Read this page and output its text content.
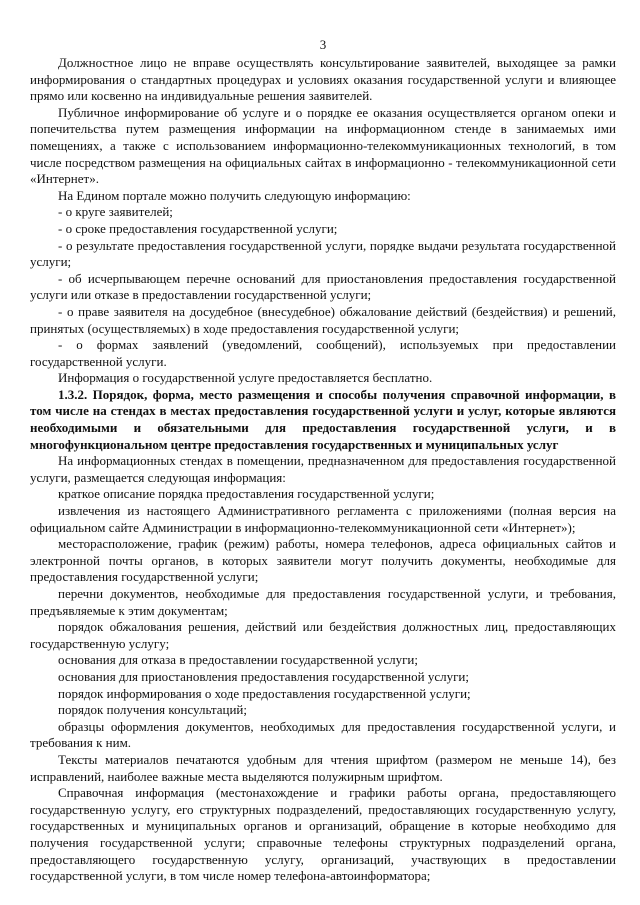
3

Должностное лицо не вправе осуществлять консультирование заявителей, выходящее за рамки информирования о стандартных процедурах и условиях оказания государственной услуги и влияющее прямо или косвенно на индивидуальные решения заявителей.

Публичное информирование об услуге и о порядке ее оказания осуществляется органом опеки и попечительства путем размещения информации на информационном стенде в занимаемых ими помещениях, а также с использованием информационно-телекоммуникационных технологий, в том числе посредством размещения на официальных сайтах в информационно - телекоммуникационной сети «Интернет».

На Едином портале можно получить следующую информацию:

- о круге заявителей;

- о сроке предоставления государственной услуги;

- о результате предоставления государственной услуги, порядке выдачи результата государственной услуги;

- об исчерпывающем перечне оснований для приостановления предоставления государственной услуги или отказе в предоставлении государственной услуги;

- о праве заявителя на досудебное (внесудебное) обжалование действий (бездействия) и решений, принятых (осуществляемых) в ходе предоставления государственной услуги;

- о формах заявлений (уведомлений, сообщений), используемых при предоставлении государственной услуги.

Информация о государственной услуге предоставляется бесплатно.

1.3.2. Порядок, форма, место размещения и способы получения справочной информации, в том числе на стендах в местах предоставления государственной услуги и услуг, которые являются необходимыми и обязательными для предоставления государственной услуги, и в многофункциональном центре предоставления государственных и муниципальных услуг

На информационных стендах в помещении, предназначенном для предоставления государственной услуги, размещается следующая информация:

краткое описание порядка предоставления государственной услуги;

извлечения из настоящего Административного регламента с приложениями (полная версия на официальном сайте Администрации в информационно-телекоммуникационной сети «Интернет»);

месторасположение, график (режим) работы, номера телефонов, адреса официальных сайтов и электронной почты органов, в которых заявители могут получить документы, необходимые для предоставления государственной услуги;

перечни документов, необходимые для предоставления государственной услуги, и требования, предъявляемые к этим документам;

порядок обжалования решения, действий или бездействия должностных лиц, предоставляющих государственную услугу;

основания для отказа в предоставлении государственной услуги;

основания для приостановления предоставления государственной услуги;

порядок информирования о ходе предоставления государственной услуги;

порядок получения консультаций;

образцы оформления документов, необходимых для предоставления государственной услуги, и требования к ним.

Тексты материалов печатаются удобным для чтения шрифтом (размером не меньше 14), без исправлений, наиболее важные места выделяются полужирным шрифтом.

Справочная информация (местонахождение и графики работы органа, предоставляющего государственную услугу, его структурных подразделений, предоставляющих государственную услугу, государственных и муниципальных органов и организаций, обращение в которые необходимо для получения государственной услуги; справочные телефоны структурных подразделений органа, предоставляющего государственную услугу, организаций, участвующих в предоставлении государственной услуги, в том числе номер телефона-автоинформатора;
